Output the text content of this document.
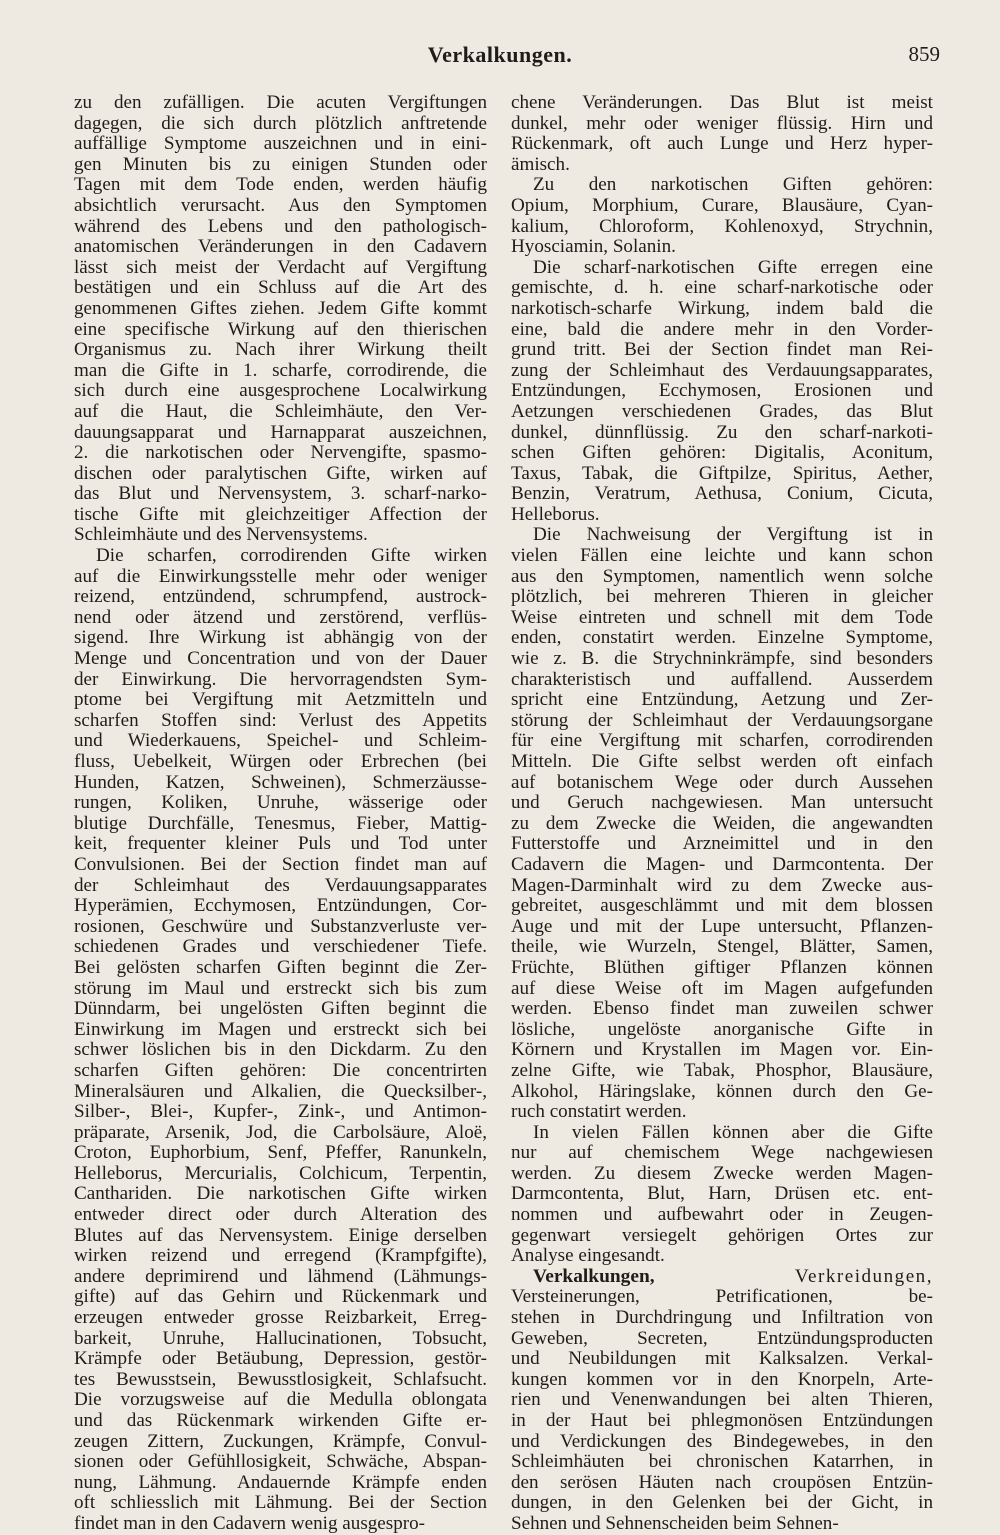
Verkalkungen.	859
zu den zufälligen. Die acuten Vergiftungen
dagegen, die sich durch plötzlich anftretende
auffällige Symptome auszeichnen und in eini-
gen Minuten bis zu einigen Stunden oder
Tagen mit dem Tode enden, werden häufig
absichtlich verursacht. Aus den Symptomen
während des Lebens und den pathologisch-
anatomischen Veränderungen in den Cadavern
lässt sich meist der Verdacht auf Vergiftung
bestätigen und ein Schluss auf die Art des
genommenen Giftes ziehen. Jedem Gifte kommt
eine specifische Wirkung auf den thierischen
Organismus zu. Nach ihrer Wirkung theilt
man die Gifte in 1. scharfe, corrodirende, die
sich durch eine ausgesprochene Localwirkung
auf die Haut, die Schleimhäute, den Ver-
dauungsapparat und Harnapparat auszeichnen,
2. die narkotischen oder Nervengifte, spasmo-
dischen oder paralytischen Gifte, wirken auf
das Blut und Nervensystem, 3. scharf-narko-
tische Gifte mit gleichzeitiger Affection der
Schleimhäute und des Nervensystems.
Die scharfen, corrodirenden Gifte wirken
auf die Einwirkungsstelle mehr oder weniger
reizend, entzündend, schrumpfend, austrock-
nend oder ätzend und zerstörend, verflüs-
sigend. Ihre Wirkung ist abhängig von der
Menge und Concentration und von der Dauer
der Einwirkung. Die hervorragendsten Sym-
ptome bei Vergiftung mit Aetzmitteln und
scharfen Stoffen sind: Verlust des Appetits
und Wiederkauens, Speichel- und Schleim-
fluss, Uebelkeit, Würgen oder Erbrechen (bei
Hunden, Katzen, Schweinen), Schmerzäusse-
rungen, Koliken, Unruhe, wässerige oder
blutige Durchfälle, Tenesmus, Fieber, Mattig-
keit, frequenter kleiner Puls und Tod unter
Convulsionen. Bei der Section findet man auf
der Schleimhaut des Verdauungsapparates
Hyperämien, Ecchymosen, Entzündungen, Cor-
rosionen, Geschwüre und Substanzverluste ver-
schiedenen Grades und verschiedener Tiefe.
Bei gelösten scharfen Giften beginnt die Zer-
störung im Maul und erstreckt sich bis zum
Dünndarm, bei ungelösten Giften beginnt die
Einwirkung im Magen und erstreckt sich bei
schwer löslichen bis in den Dickdarm. Zu den
scharfen Giften gehören: Die concentrirten
Mineralsäuren und Alkalien, die Quecksilber-,
Silber-, Blei-, Kupfer-, Zink-, und Antimon-
präparate, Arsenik, Jod, die Carbolsäure, Aloë,
Croton, Euphorbium, Senf, Pfeffer, Ranunkeln,
Helleborus, Mercurialis, Colchicum, Terpentin,
Canthariden. Die narkotischen Gifte wirken
entweder direct oder durch Alteration des
Blutes auf das Nervensystem. Einige derselben
wirken reizend und erregend (Krampfgifte),
andere deprimirend und lähmend (Lähmungs-
gifte) auf das Gehirn und Rückenmark und
erzeugen entweder grosse Reizbarkeit, Erreg-
barkeit, Unruhe, Hallucinationen, Tobsucht,
Krämpfe oder Betäubung, Depression, gestör-
tes Bewusstsein, Bewusstlosigkeit, Schlafsucht.
Die vorzugsweise auf die Medulla oblongata
und das Rückenmark wirkenden Gifte er-
zeugen Zittern, Zuckungen, Krämpfe, Convul-
sionen oder Gefühllosigkeit, Schwäche, Abspan-
nung, Lähmung. Andauernde Krämpfe enden
oft schliesslich mit Lähmung. Bei der Section
findet man in den Cadavern wenig ausgespro-
chene Veränderungen. Das Blut ist meist
dunkel, mehr oder weniger flüssig. Hirn und
Rückenmark, oft auch Lunge und Herz hyper-
ämisch.
Zu den narkotischen Giften gehören:
Opium, Morphium, Curare, Blausäure, Cyan-
kalium, Chloroform, Kohlenoxyd, Strychnin,
Hyosciamin, Solanin.
Die scharf-narkotischen Gifte erregen eine
gemischte, d. h. eine scharf-narkotische oder
narkotisch-scharfe Wirkung, indem bald die
eine, bald die andere mehr in den Vorder-
grund tritt. Bei der Section findet man Rei-
zung der Schleimhaut des Verdauungsapparates,
Entzündungen, Ecchymosen, Erosionen und
Aetzungen verschiedenen Grades, das Blut
dunkel, dünnflüssig. Zu den scharf-narkoti-
schen Giften gehören: Digitalis, Aconitum,
Taxus, Tabak, die Giftpilze, Spiritus, Aether,
Benzin, Veratrum, Aethusa, Conium, Cicuta,
Helleborus.
Die Nachweisung der Vergiftung ist in
vielen Fällen eine leichte und kann schon
aus den Symptomen, namentlich wenn solche
plötzlich, bei mehreren Thieren in gleicher
Weise eintreten und schnell mit dem Tode
enden, constatirt werden. Einzelne Symptome,
wie z. B. die Strychninkrämpfe, sind besonders
charakteristisch und auffallend. Ausserdem
spricht eine Entzündung, Aetzung und Zer-
störung der Schleimhaut der Verdauungsorgane
für eine Vergiftung mit scharfen, corrodirenden
Mitteln. Die Gifte selbst werden oft einfach
auf botanischem Wege oder durch Aussehen
und Geruch nachgewiesen. Man untersucht
zu dem Zwecke die Weiden, die angewandten
Futterstoffe und Arzneimittel und in den
Cadavern die Magen- und Darmcontenta. Der
Magen-Darminhalt wird zu dem Zwecke aus-
gebreitet, ausgeschlämmt und mit dem blossen
Auge und mit der Lupe untersucht, Pflanzen-
theile, wie Wurzeln, Stengel, Blätter, Samen,
Früchte, Blüthen giftiger Pflanzen können
auf diese Weise oft im Magen aufgefunden
werden. Ebenso findet man zuweilen schwer
lösliche, ungelöste anorganische Gifte in
Körnern und Krystallen im Magen vor. Ein-
zelne Gifte, wie Tabak, Phosphor, Blausäure,
Alkohol, Häringslake, können durch den Ge-
ruch constatirt werden.
In vielen Fällen können aber die Gifte
nur auf chemischem Wege nachgewiesen
werden. Zu diesem Zwecke werden Magen-
Darmcontenta, Blut, Harn, Drüsen etc. ent-
nommen und aufbewahrt oder in Zeugen-
gegenwart versiegelt gehörigen Ortes zur
Analyse eingesandt.
Verkalkungen,	Verkreidungen,
Versteinerungen, Petrificationen, be-
stehen in Durchdringung und Infiltration von
Geweben, Secreten, Entzündungsproducten
und Neubildungen mit Kalksalzen. Verkal-
kungen kommen vor in den Knorpeln, Arte-
rien und Venenwandungen bei alten Thieren,
in der Haut bei phlegmonösen Entzündungen
und Verdickungen des Bindegewebes, in den
Schleimhäuten bei chronischen Katarrhen, in
den serösen Häuten nach croupösen Entzün-
dungen, in den Gelenken bei der Gicht, in
Sehnen und Sehnenscheiden beim Sehnen-
